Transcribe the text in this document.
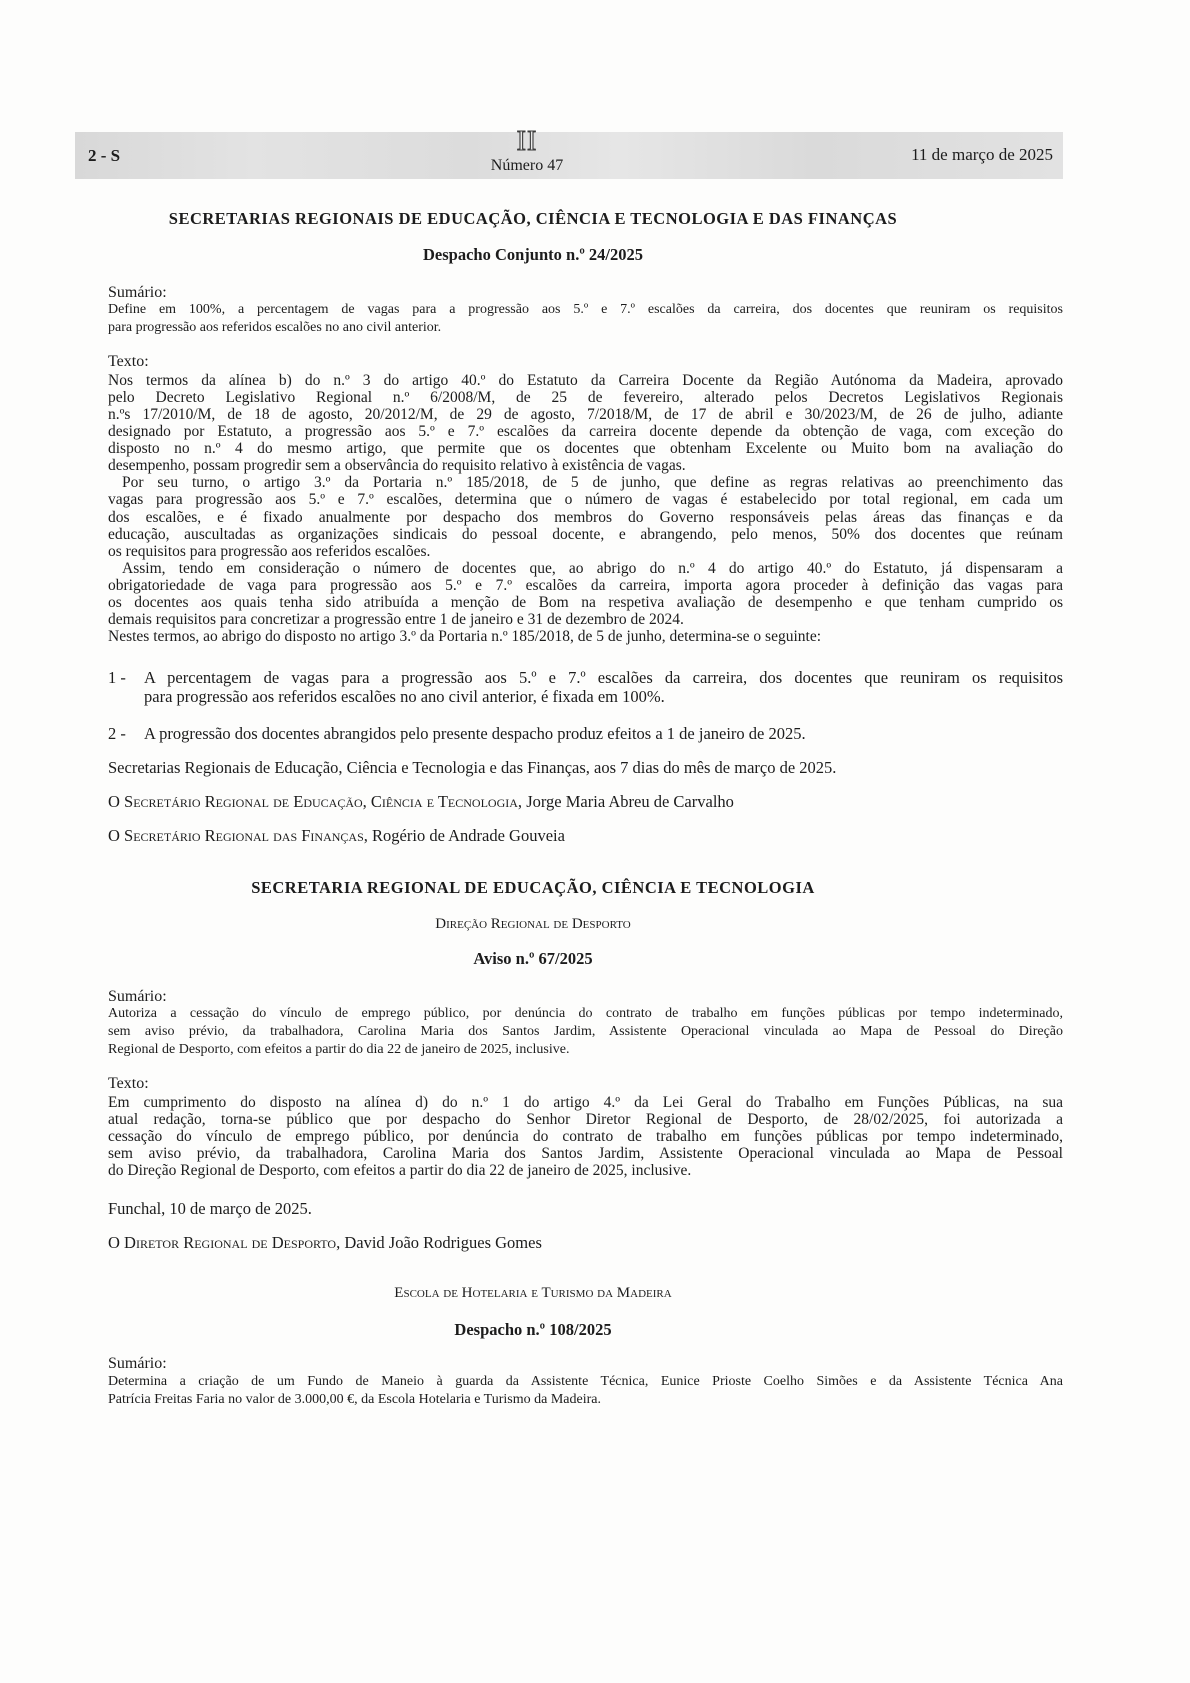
2 - S	II
Número 47
11 de março de 2025
SECRETARIAS REGIONAIS DE EDUCAÇÃO, CIÊNCIA E TECNOLOGIA E DAS FINANÇAS
Despacho Conjunto n.º 24/2025
Sumário:
Define em 100%, a percentagem de vagas para a progressão aos 5.º e 7.º escalões da carreira, dos docentes que reuniram os requisitos
para progressão aos referidos escalões no ano civil anterior.
Texto:
Nos termos da alínea b) do n.º 3 do artigo 40.º do Estatuto da Carreira Docente da Região Autónoma da Madeira, aprovado
pelo Decreto Legislativo Regional n.º 6/2008/M, de 25 de fevereiro, alterado pelos Decretos Legislativos Regionais
n.ºs 17/2010/M, de 18 de agosto, 20/2012/M, de 29 de agosto, 7/2018/M, de 17 de abril e 30/2023/M, de 26 de julho, adiante
designado por Estatuto, a progressão aos 5.º e 7.º escalões da carreira docente depende da obtenção de vaga, com exceção do
disposto no n.º 4 do mesmo artigo, que permite que os docentes que obtenham Excelente ou Muito bom na avaliação do
desempenho, possam progredir sem a observância do requisito relativo à existência de vagas.
Por seu turno, o artigo 3.º da Portaria n.º 185/2018, de 5 de junho, que define as regras relativas ao preenchimento das
vagas para progressão aos 5.º e 7.º escalões, determina que o número de vagas é estabelecido por total regional, em cada um
dos escalões, e é fixado anualmente por despacho dos membros do Governo responsáveis pelas áreas das finanças e da
educação, auscultadas as organizações sindicais do pessoal docente, e abrangendo, pelo menos, 50% dos docentes que reúnam
os requisitos para progressão aos referidos escalões.
Assim, tendo em consideração o número de docentes que, ao abrigo do n.º 4 do artigo 40.º do Estatuto, já dispensaram a
obrigatoriedade de vaga para progressão aos 5.º e 7.º escalões da carreira, importa agora proceder à definição das vagas para
os docentes aos quais tenha sido atribuída a menção de Bom na respetiva avaliação de desempenho e que tenham cumprido os
demais requisitos para concretizar a progressão entre 1 de janeiro e 31 de dezembro de 2024.
Nestes termos, ao abrigo do disposto no artigo 3.º da Portaria n.º 185/2018, de 5 de junho, determina-se o seguinte:
1 - A percentagem de vagas para a progressão aos 5.º e 7.º escalões da carreira, dos docentes que reuniram os requisitos
para progressão aos referidos escalões no ano civil anterior, é fixada em 100%.
2 - A progressão dos docentes abrangidos pelo presente despacho produz efeitos a 1 de janeiro de 2025.
Secretarias Regionais de Educação, Ciência e Tecnologia e das Finanças, aos 7 dias do mês de março de 2025.
O Secretário Regional de Educação, Ciência e Tecnologia, Jorge Maria Abreu de Carvalho
O Secretário Regional das Finanças, Rogério de Andrade Gouveia
SECRETARIA REGIONAL DE EDUCAÇÃO, CIÊNCIA E TECNOLOGIA
Direção Regional de Desporto
Aviso n.º 67/2025
Sumário:
Autoriza a cessação do vínculo de emprego público, por denúncia do contrato de trabalho em funções públicas por tempo indeterminado,
sem aviso prévio, da trabalhadora, Carolina Maria dos Santos Jardim, Assistente Operacional vinculada ao Mapa de Pessoal do Direção
Regional de Desporto, com efeitos a partir do dia 22 de janeiro de 2025, inclusive.
Texto:
Em cumprimento do disposto na alínea d) do n.º 1 do artigo 4.º da Lei Geral do Trabalho em Funções Públicas, na sua
atual redação, torna-se público que por despacho do Senhor Diretor Regional de Desporto, de 28/02/2025, foi autorizada a
cessação do vínculo de emprego público, por denúncia do contrato de trabalho em funções públicas por tempo indeterminado,
sem aviso prévio, da trabalhadora, Carolina Maria dos Santos Jardim, Assistente Operacional vinculada ao Mapa de Pessoal
do Direção Regional de Desporto, com efeitos a partir do dia 22 de janeiro de 2025, inclusive.
Funchal, 10 de março de 2025.
O Diretor Regional de Desporto, David João Rodrigues Gomes
Escola de Hotelaria e Turismo da Madeira
Despacho n.º 108/2025
Sumário:
Determina a criação de um Fundo de Maneio à guarda da Assistente Técnica, Eunice Prioste Coelho Simões e da Assistente Técnica Ana
Patrícia Freitas Faria no valor de 3.000,00 €, da Escola Hotelaria e Turismo da Madeira.
